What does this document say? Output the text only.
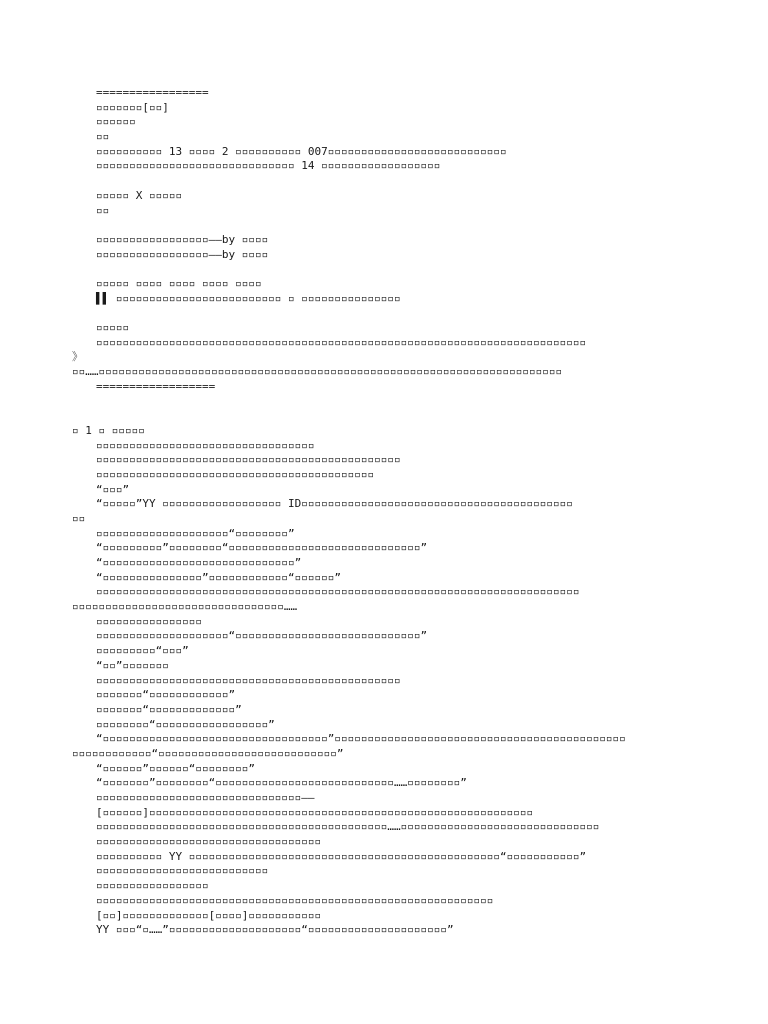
=================
▫▫▫▫▫▫▫[▫▫]
▫▫▫▫▫▫
▫▫
▫▫▫▫▫▫▫▫▫▫ 13 ▫▫▫▫ 2 ▫▫▫▫▫▫▫▫▫▫ 007▫▫▫▫▫▫▫▫▫▫▫▫▫▫▫▫▫▫▫▫▫▫▫▫▫▫▫
▫▫▫▫▫▫▫▫▫▫▫▫▫▫▫▫▫▫▫▫▫▫▫▫▫▫▫▫▫▫ 14 ▫▫▫▫▫▫▫▫▫▫▫▫▫▫▫▫▫▫
▫▫▫▫▫ X ▫▫▫▫▫
▫▫
▫▫▫▫▫▫▫▫▫▫▫▫▫▫▫▫▫——by ▫▫▫▫
▫▫▫▫▫▫▫▫▫▫▫▫▫▫▫▫▫——by ▫▫▫▫
▫▫▫▫▫ ▫▫▫▫ ▫▫▫▫ ▫▫▫▫ ▫▫▫▫
▌▌ ▫▫▫▫▫▫▫▫▫▫▫▫▫▫▫▫▫▫▫▫▫▫▫▫▫ ▫ ▫▫▫▫▫▫▫▫▫▫▫▫▫▫▫
▫▫▫▫▫
▫▫▫▫▫▫▫▫▫▫▫▫▫▫▫▫▫▫▫▫▫▫▫▫▫▫▫▫▫▫▫▫▫▫▫▫▫▫▫▫▫▫▫▫▫▫▫▫▫▫▫▫▫▫▫▫▫▫▫▫▫▫▫▫▫▫▫▫▫▫▫▫▫▫
》
▫▫……▫▫▫▫▫▫▫▫▫▫▫▫▫▫▫▫▫▫▫▫▫▫▫▫▫▫▫▫▫▫▫▫▫▫▫▫▫▫▫▫▫▫▫▫▫▫▫▫▫▫▫▫▫▫▫▫▫▫▫▫▫▫▫▫▫▫▫▫▫▫
==================
▫ 1 ▫ ▫▫▫▫▫
▫▫▫▫▫▫▫▫▫▫▫▫▫▫▫▫▫▫▫▫▫▫▫▫▫▫▫▫▫▫▫▫▫
▫▫▫▫▫▫▫▫▫▫▫▫▫▫▫▫▫▫▫▫▫▫▫▫▫▫▫▫▫▫▫▫▫▫▫▫▫▫▫▫▫▫▫▫▫▫
▫▫▫▫▫▫▫▫▫▫▫▫▫▫▫▫▫▫▫▫▫▫▫▫▫▫▫▫▫▫▫▫▫▫▫▫▫▫▫▫▫▫
“▫▫▫”
“▫▫▫▫▫”YY ▫▫▫▫▫▫▫▫▫▫▫▫▫▫▫▫▫▫ ID▫▫▫▫▫▫▫▫▫▫▫▫▫▫▫▫▫▫▫▫▫▫▫▫▫▫▫▫▫▫▫▫▫▫▫▫▫▫▫▫▫
▫▫
▫▫▫▫▫▫▫▫▫▫▫▫▫▫▫▫▫▫▫▫“▫▫▫▫▫▫▫▫”
“▫▫▫▫▫▫▫▫▫”▫▫▫▫▫▫▫▫“▫▫▫▫▫▫▫▫▫▫▫▫▫▫▫▫▫▫▫▫▫▫▫▫▫▫▫▫▫”
“▫▫▫▫▫▫▫▫▫▫▫▫▫▫▫▫▫▫▫▫▫▫▫▫▫▫▫▫▫”
“▫▫▫▫▫▫▫▫▫▫▫▫▫▫▫”▫▫▫▫▫▫▫▫▫▫▫▫“▫▫▫▫▫▫”
▫▫▫▫▫▫▫▫▫▫▫▫▫▫▫▫▫▫▫▫▫▫▫▫▫▫▫▫▫▫▫▫▫▫▫▫▫▫▫▫▫▫▫▫▫▫▫▫▫▫▫▫▫▫▫▫▫▫▫▫▫▫▫▫▫▫▫▫▫▫▫▫▫
▫▫▫▫▫▫▫▫▫▫▫▫▫▫▫▫▫▫▫▫▫▫▫▫▫▫▫▫▫▫▫▫……
▫▫▫▫▫▫▫▫▫▫▫▫▫▫▫▫
▫▫▫▫▫▫▫▫▫▫▫▫▫▫▫▫▫▫▫▫“▫▫▫▫▫▫▫▫▫▫▫▫▫▫▫▫▫▫▫▫▫▫▫▫▫▫▫▫”
▫▫▫▫▫▫▫▫▫“▫▫▫”
“▫▫”▫▫▫▫▫▫▫
▫▫▫▫▫▫▫▫▫▫▫▫▫▫▫▫▫▫▫▫▫▫▫▫▫▫▫▫▫▫▫▫▫▫▫▫▫▫▫▫▫▫▫▫▫▫
▫▫▫▫▫▫▫“▫▫▫▫▫▫▫▫▫▫▫▫”
▫▫▫▫▫▫▫“▫▫▫▫▫▫▫▫▫▫▫▫▫”
▫▫▫▫▫▫▫▫“▫▫▫▫▫▫▫▫▫▫▫▫▫▫▫▫▫”
“▫▫▫▫▫▫▫▫▫▫▫▫▫▫▫▫▫▫▫▫▫▫▫▫▫▫▫▫▫▫▫▫▫▫”▫▫▫▫▫▫▫▫▫▫▫▫▫▫▫▫▫▫▫▫▫▫▫▫▫▫▫▫▫▫▫▫▫▫▫▫▫▫▫▫▫▫▫▫
▫▫▫▫▫▫▫▫▫▫▫▫“▫▫▫▫▫▫▫▫▫▫▫▫▫▫▫▫▫▫▫▫▫▫▫▫▫▫▫”
“▫▫▫▫▫▫”▫▫▫▫▫▫“▫▫▫▫▫▫▫▫”
“▫▫▫▫▫▫▫”▫▫▫▫▫▫▫▫“▫▫▫▫▫▫▫▫▫▫▫▫▫▫▫▫▫▫▫▫▫▫▫▫▫▫▫……▫▫▫▫▫▫▫▫”
▫▫▫▫▫▫▫▫▫▫▫▫▫▫▫▫▫▫▫▫▫▫▫▫▫▫▫▫▫▫▫——
[▫▫▫▫▫▫]▫▫▫▫▫▫▫▫▫▫▫▫▫▫▫▫▫▫▫▫▫▫▫▫▫▫▫▫▫▫▫▫▫▫▫▫▫▫▫▫▫▫▫▫▫▫▫▫▫▫▫▫▫▫▫▫▫▫
▫▫▫▫▫▫▫▫▫▫▫▫▫▫▫▫▫▫▫▫▫▫▫▫▫▫▫▫▫▫▫▫▫▫▫▫▫▫▫▫▫▫▫▫……▫▫▫▫▫▫▫▫▫▫▫▫▫▫▫▫▫▫▫▫▫▫▫▫▫▫▫▫▫▫
▫▫▫▫▫▫▫▫▫▫▫▫▫▫▫▫▫▫▫▫▫▫▫▫▫▫▫▫▫▫▫▫▫▫
▫▫▫▫▫▫▫▫▫▫ YY ▫▫▫▫▫▫▫▫▫▫▫▫▫▫▫▫▫▫▫▫▫▫▫▫▫▫▫▫▫▫▫▫▫▫▫▫▫▫▫▫▫▫▫▫▫▫▫“▫▫▫▫▫▫▫▫▫▫▫”
▫▫▫▫▫▫▫▫▫▫▫▫▫▫▫▫▫▫▫▫▫▫▫▫▫▫
▫▫▫▫▫▫▫▫▫▫▫▫▫▫▫▫▫
▫▫▫▫▫▫▫▫▫▫▫▫▫▫▫▫▫▫▫▫▫▫▫▫▫▫▫▫▫▫▫▫▫▫▫▫▫▫▫▫▫▫▫▫▫▫▫▫▫▫▫▫▫▫▫▫▫▫▫▫
[▫▫]▫▫▫▫▫▫▫▫▫▫▫▫▫[▫▫▫▫]▫▫▫▫▫▫▫▫▫▫▫
YY ▫▫▫“▫……”▫▫▫▫▫▫▫▫▫▫▫▫▫▫▫▫▫▫▫▫“▫▫▫▫▫▫▫▫▫▫▫▫▫▫▫▫▫▫▫▫▫”
